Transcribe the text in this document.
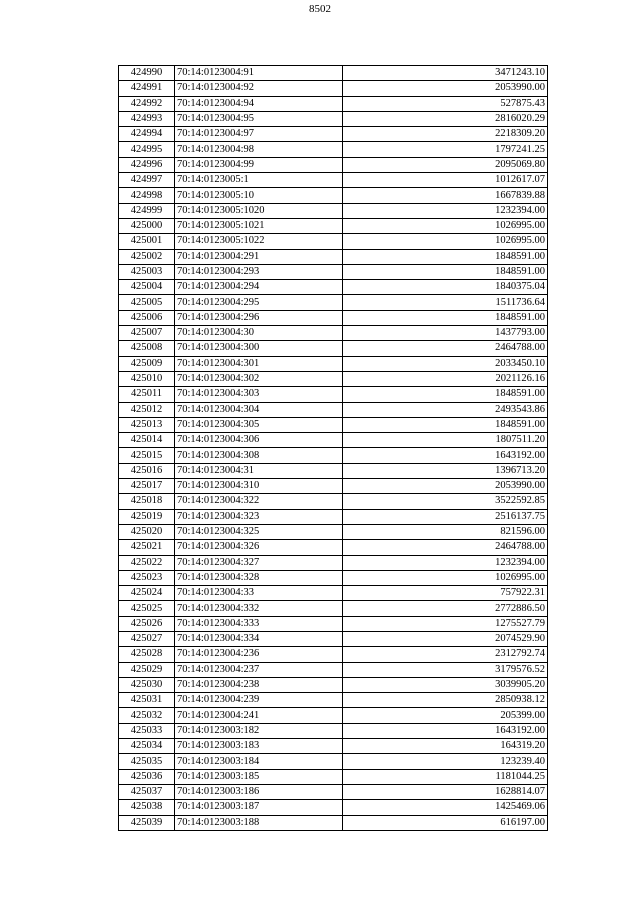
8502
424990	70:14:0123004:91	3471243.10
424991	70:14:0123004:92	2053990.00
424992	70:14:0123004:94	527875.43
424993	70:14:0123004:95	2816020.29
424994	70:14:0123004:97	2218309.20
424995	70:14:0123004:98	1797241.25
424996	70:14:0123004:99	2095069.80
424997	70:14:0123005:1	1012617.07
424998	70:14:0123005:10	1667839.88
424999	70:14:0123005:1020	1232394.00
425000	70:14:0123005:1021	1026995.00
425001	70:14:0123005:1022	1026995.00
425002	70:14:0123004:291	1848591.00
425003	70:14:0123004:293	1848591.00
425004	70:14:0123004:294	1840375.04
425005	70:14:0123004:295	1511736.64
425006	70:14:0123004:296	1848591.00
425007	70:14:0123004:30	1437793.00
425008	70:14:0123004:300	2464788.00
425009	70:14:0123004:301	2033450.10
425010	70:14:0123004:302	2021126.16
425011	70:14:0123004:303	1848591.00
425012	70:14:0123004:304	2493543.86
425013	70:14:0123004:305	1848591.00
425014	70:14:0123004:306	1807511.20
425015	70:14:0123004:308	1643192.00
425016	70:14:0123004:31	1396713.20
425017	70:14:0123004:310	2053990.00
425018	70:14:0123004:322	3522592.85
425019	70:14:0123004:323	2516137.75
425020	70:14:0123004:325	821596.00
425021	70:14:0123004:326	2464788.00
425022	70:14:0123004:327	1232394.00
425023	70:14:0123004:328	1026995.00
425024	70:14:0123004:33	757922.31
425025	70:14:0123004:332	2772886.50
425026	70:14:0123004:333	1275527.79
425027	70:14:0123004:334	2074529.90
425028	70:14:0123004:236	2312792.74
425029	70:14:0123004:237	3179576.52
425030	70:14:0123004:238	3039905.20
425031	70:14:0123004:239	2850938.12
425032	70:14:0123004:241	205399.00
425033	70:14:0123003:182	1643192.00
425034	70:14:0123003:183	164319.20
425035	70:14:0123003:184	123239.40
425036	70:14:0123003:185	1181044.25
425037	70:14:0123003:186	1628814.07
425038	70:14:0123003:187	1425469.06
425039	70:14:0123003:188	616197.00
